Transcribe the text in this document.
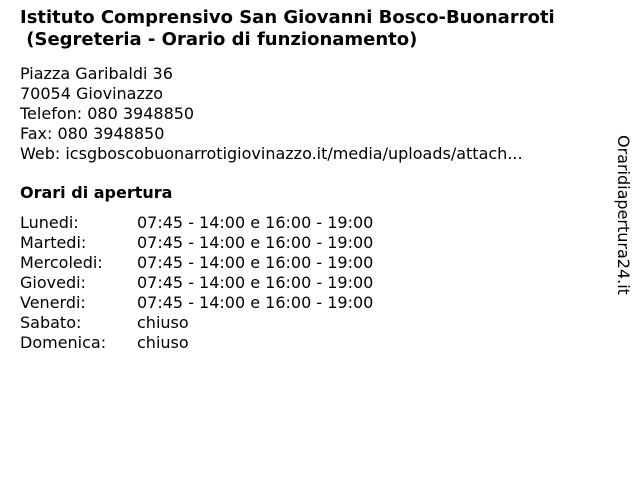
Istituto Comprensivo San Giovanni Bosco-Buonarroti
(Segreteria - Orario di funzionamento)
Piazza Garibaldi 36
70054 Giovinazzo
Telefon: 080 3948850
Fax: 080 3948850
Web: icsgboscobuonarrotigiovinazzo.it/media/uploads/attach...
Orari di apertura
Lunedi:	07:45 - 14:00 e 16:00 - 19:00
Martedi:	07:45 - 14:00 e 16:00 - 19:00
Mercoledi: 07:45 - 14:00 e 16:00 - 19:00
Giovedi:	07:45 - 14:00 e 16:00 - 19:00
Venerdi:	07:45 - 14:00 e 16:00 - 19:00
Sabato:	chiuso
Domenica: chiuso
Oraridiapertura24.it
